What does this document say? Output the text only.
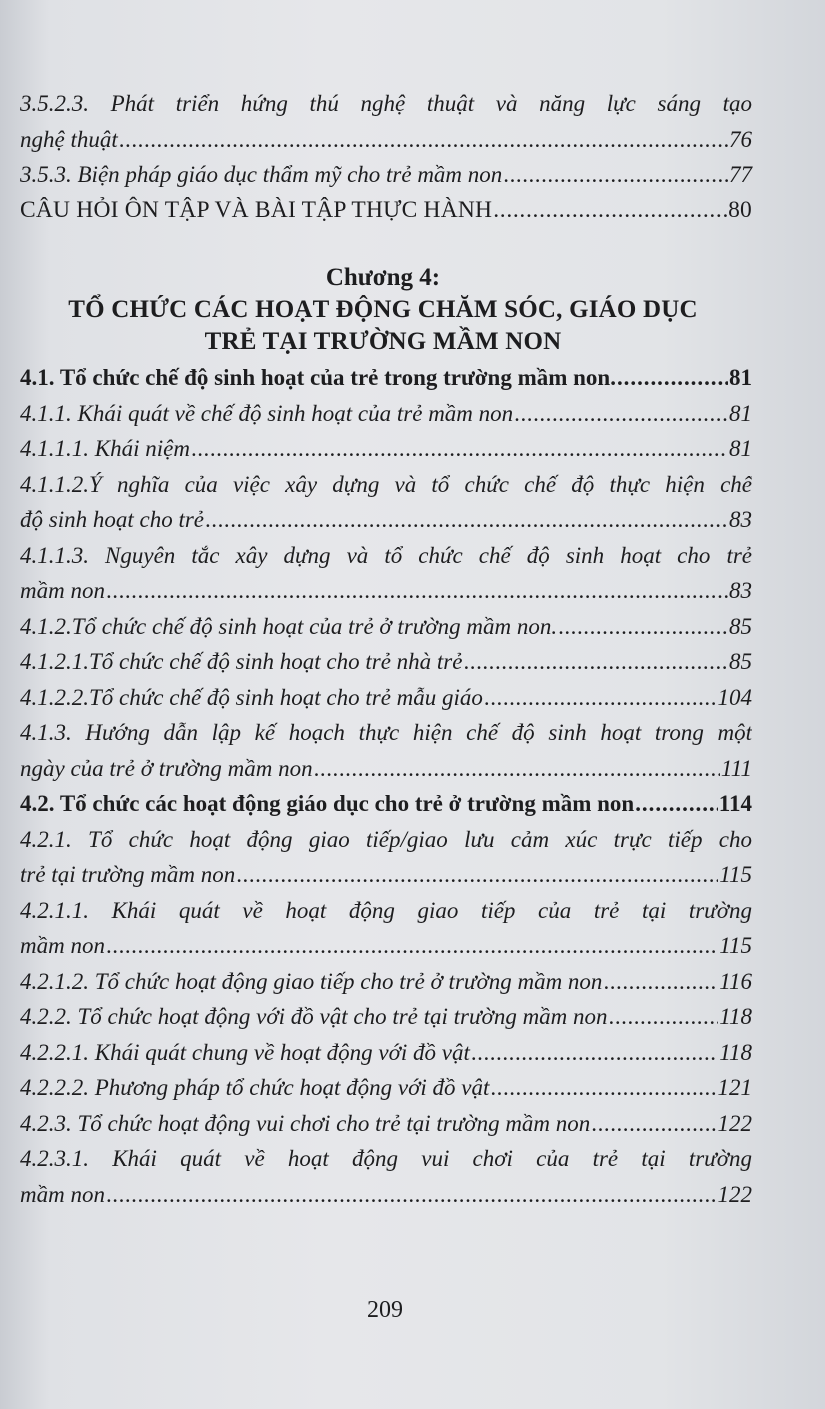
3.5.2.3. Phát triển hứng thú nghệ thuật và năng lực sáng tạo
nghệ thuật . . .	76
3.5.3. Biện pháp giáo dục thẩm mỹ cho trẻ mầm non . . .	77
CÂU HỎI ÔN TẬP VÀ BÀI TẬP THỰC HÀNH . . .	80
Chương 4:
TỔ CHỨC CÁC HOẠT ĐỘNG CHĂM SÓC, GIÁO DỤC
TRẺ TẠI TRƯỜNG MẦM NON
4.1. Tổ chức chế độ sinh hoạt của trẻ trong trường mầm non. . . .	81
4.1.1. Khái quát về chế độ sinh hoạt của trẻ mầm non . . .	81
4.1.1.1. Khái niệm . . .	81
4.1.1.2.Ý nghĩa của việc xây dựng và tổ chức chế độ thực hiện chế
độ sinh hoạt cho trẻ . . .	83
4.1.1.3. Nguyên tắc xây dựng và tổ chức chế độ sinh hoạt cho trẻ
mầm non . . .	83
4.1.2.Tổ chức chế độ sinh hoạt của trẻ ở trường mầm non. . . .	85
4.1.2.1.Tổ chức chế độ sinh hoạt cho trẻ nhà trẻ . . .	85
4.1.2.2.Tổ chức chế độ sinh hoạt cho trẻ mẫu giáo . . .	104
4.1.3. Hướng dẫn lập kế hoạch thực hiện chế độ sinh hoạt trong một
ngày của trẻ ở trường mầm non . . .	111
4.2. Tổ chức các hoạt động giáo dục cho trẻ ở trường mầm non . . .	114
4.2.1. Tổ chức hoạt động giao tiếp/giao lưu cảm xúc trực tiếp cho
trẻ tại trường mầm non . . .	115
4.2.1.1. Khái quát về hoạt động giao tiếp của trẻ tại trường
mầm non . . .	115
4.2.1.2. Tổ chức hoạt động giao tiếp cho trẻ ở trường mầm non . . .	116
4.2.2. Tổ chức hoạt động với đồ vật cho trẻ tại trường mầm non . . .	118
4.2.2.1. Khái quát chung về hoạt động với đồ vật . . .	118
4.2.2.2. Phương pháp tổ chức hoạt động với đồ vật . . .	121
4.2.3. Tổ chức hoạt động vui chơi cho trẻ tại trường mầm non . . .	122
4.2.3.1. Khái quát về hoạt động vui chơi của trẻ tại trường
mầm non . . .	122
209
